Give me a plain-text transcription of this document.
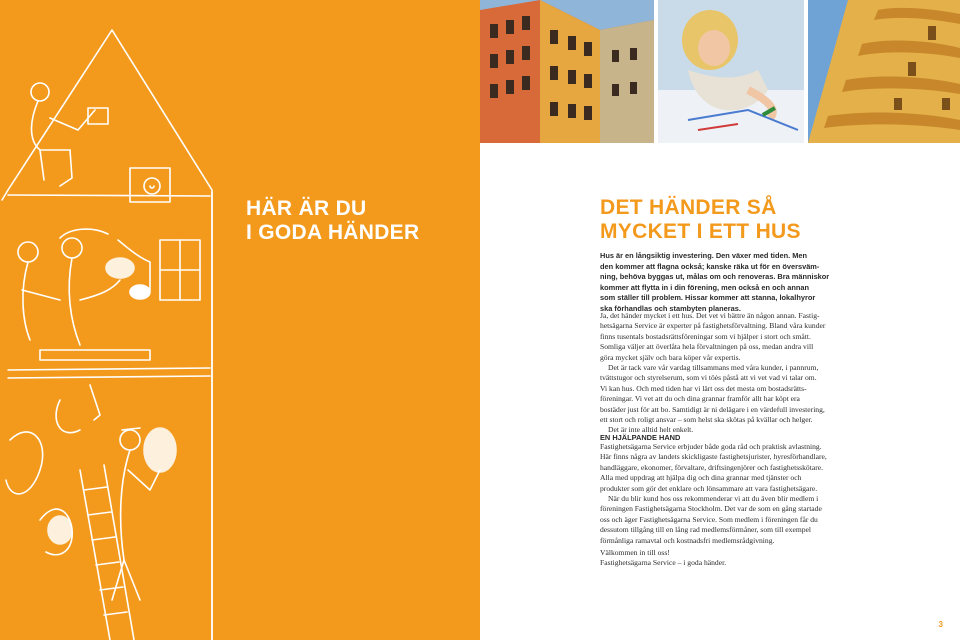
HÄR ÄR DU
I GODA HÄNDER
DET HÄNDER SÅ
MYCKET I ETT HUS
Hus är en långsiktig investering. Den växer med tiden. Men
den kommer att flagna också; kanske räka ut för en översväm-
ning, behöva byggas ut, målas om och renoveras. Bra människor
kommer att flytta in i din förening, men också en och annan
som ställer till problem. Hissar kommer att stanna, lokalhyror
ska förhandlas och stambyten planeras.
Ja, det händer mycket i ett hus. Det vet vi bättre än någon annan. Fastig-
hetsägarna Service är experter på fastighetsförvaltning. Bland våra kunder
finns tusentals bostadsrättsföreningar som vi hjälper i stort och smått.
Somliga väljer att överlåta hela förvaltningen på oss, medan andra vill
göra mycket själv och bara köper vår expertis.
Det är tack vare vår vardag tillsammans med våra kunder, i pannrum,
tvättstugor och styrelserum, som vi töės påstå att vi vet vad vi talar om.
Vi kan hus. Och med tiden har vi lärt oss det mesta om bostadsrätts-
föreningar. Vi vet att du och dina grannar framför allt har köpt era
bostäder just för att bo. Samtidigt är ni delägare i en värdefull investering,
ett stort och roligt ansvar – som helst ska skötas på kvällar och helger.
Det är inte alltid helt enkelt.
EN HJÄLPANDE HAND
Fastighetsägarna Service erbjuder både goda råd och praktisk avlastning.
Här finns några av landets skickligaste fastighetsjurister, hyresförhandlare,
handläggare, ekonomer, förvaltare, driftsingenjörer och fastighetsskötare.
Alla med uppdrag att hjälpa dig och dina grannar med tjänster och
produkter som gör det enklare och lönsammare att vara fastighetsägare.
När du blir kund hos oss rekommenderar vi att du även blir medlem i
föreningen Fastighetsägarna Stockholm. Det var de som en gång startade
oss och äger Fastighetsägarna Service. Som medlem i föreningen får du
dessutom tillgång till en lång rad medlemsförmåner, som till exempel
förmånliga ramavtal och kostnadsfri medlemsrådgivning.
Välkommen in till oss!
Fastighetsägarna Service – i goda händer.
3
